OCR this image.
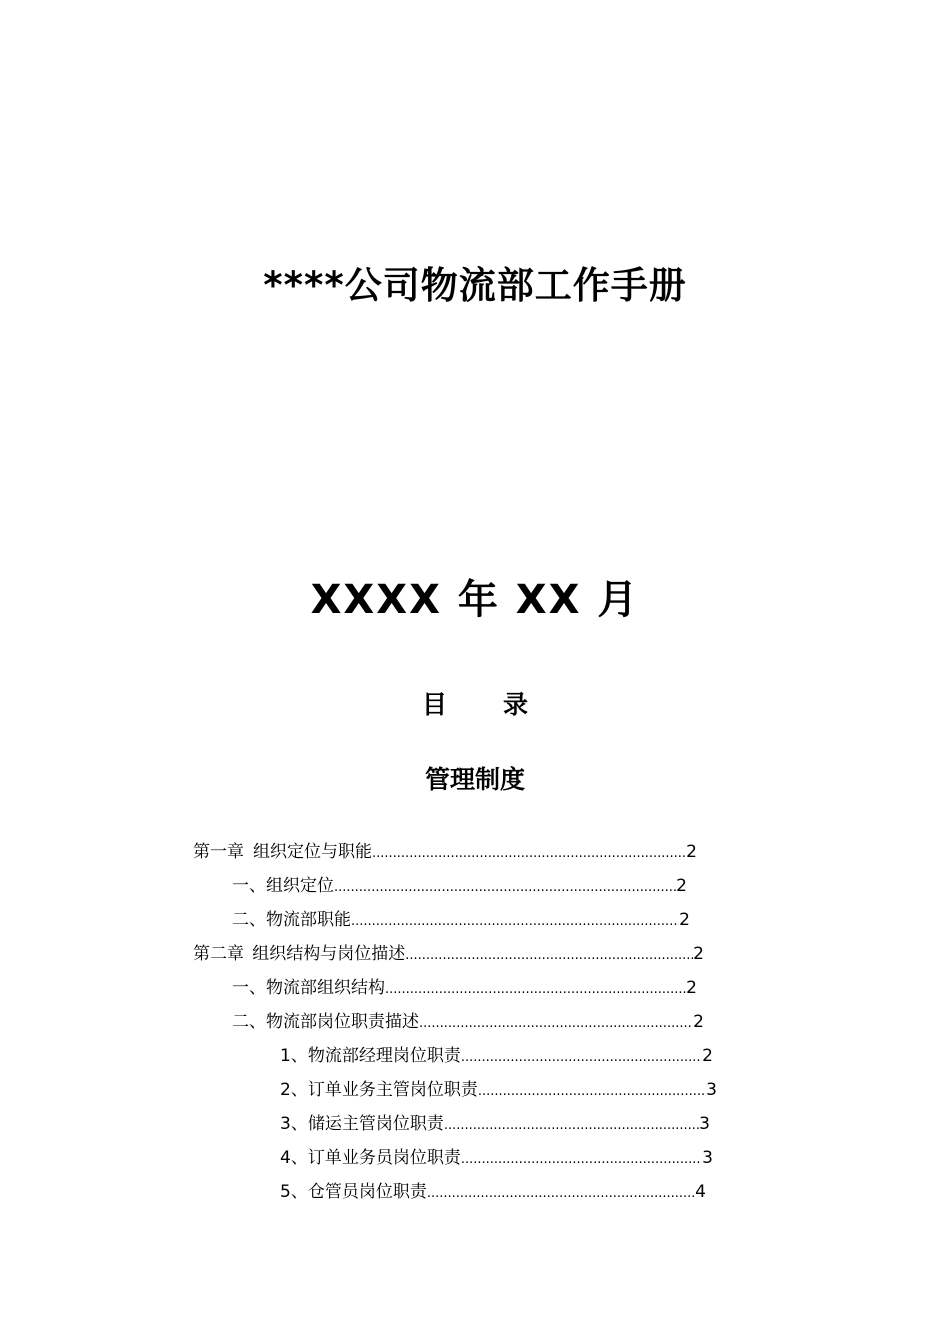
****公司物流部工作手册
XXXX 年 XX 月
目 录
管理制度
第一章 组织定位与职能 .....	2
一、组织定位 .....	2
二、物流部职能 .....	2
第二章 组织结构与岗位描述 .....	2
一、物流部组织结构 .....	2
二、物流部岗位职责描述 .....	2
1、物流部经理岗位职责 .....	2
2、订单业务主管岗位职责 .....	3
3、储运主管岗位职责 .....	3
4、订单业务员岗位职责 .....	3
5、仓管员岗位职责 .....	4
